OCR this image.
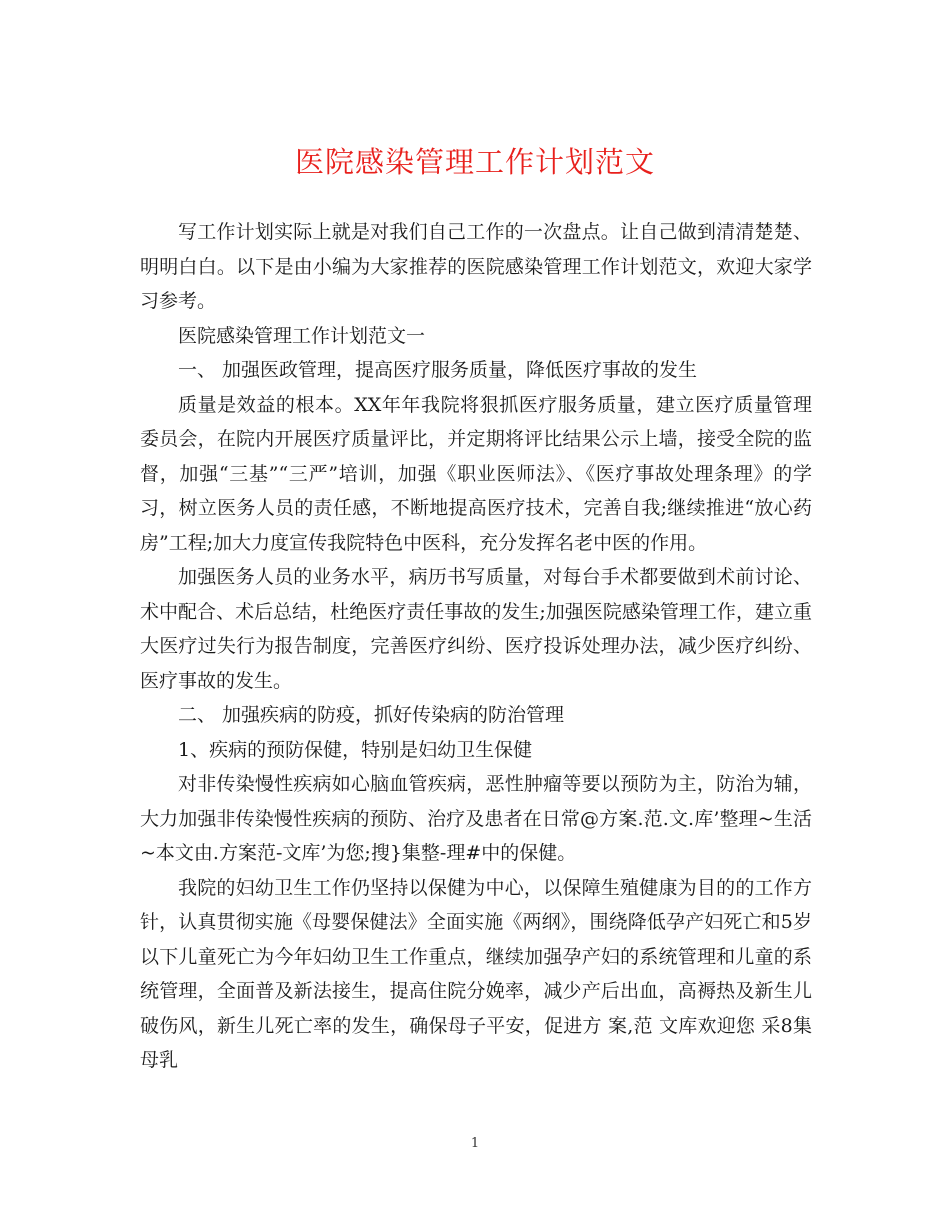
医院感染管理工作计划范文

写工作计划实际上就是对我们自己工作的一次盘点。让自己做到清清楚楚、明明白白。以下是由小编为大家推荐的医院感染管理工作计划范文，欢迎大家学习参考。

医院感染管理工作计划范文一

一、 加强医政管理，提高医疗服务质量，降低医疗事故的发生

质量是效益的根本。XX年年我院将狠抓医疗服务质量，建立医疗质量管理委员会，在院内开展医疗质量评比，并定期将评比结果公示上墙，接受全院的监督，加强“三基”“三严”培训，加强《职业医师法》、《医疗事故处理条理》的学习，树立医务人员的责任感，不断地提高医疗技术，完善自我;继续推进“放心药房”工程;加大力度宣传我院特色中医科，充分发挥名老中医的作用。

加强医务人员的业务水平，病历书写质量，对每台手术都要做到术前讨论、术中配合、术后总结，杜绝医疗责任事故的发生;加强医院感染管理工作，建立重大医疗过失行为报告制度，完善医疗纠纷、医疗投诉处理办法，减少医疗纠纷、医疗事故的发生。

二、 加强疾病的防疫，抓好传染病的防治管理

1、疾病的预防保健，特别是妇幼卫生保健

对非传染慢性疾病如心脑血管疾病，恶性肿瘤等要以预防为主，防治为辅，大力加强非传染慢性疾病的预防、治疗及患者在日常@方案.范.文.库’整理~生活~本文由.方案范-文库’为您;搜}集整-理#中的保健。

我院的妇幼卫生工作仍坚持以保健为中心，以保障生殖健康为目的的工作方针，认真贯彻实施《母婴保健法》全面实施《两纲》，围绕降低孕产妇死亡和5岁以下儿童死亡为今年妇幼卫生工作重点，继续加强孕产妇的系统管理和儿童的系统管理，全面普及新法接生，提高住院分娩率，减少产后出血，高褥热及新生儿破伤风，新生儿死亡率的发生，确保母子平安，促进方 案,范 文库欢迎您 采8集母乳

1
